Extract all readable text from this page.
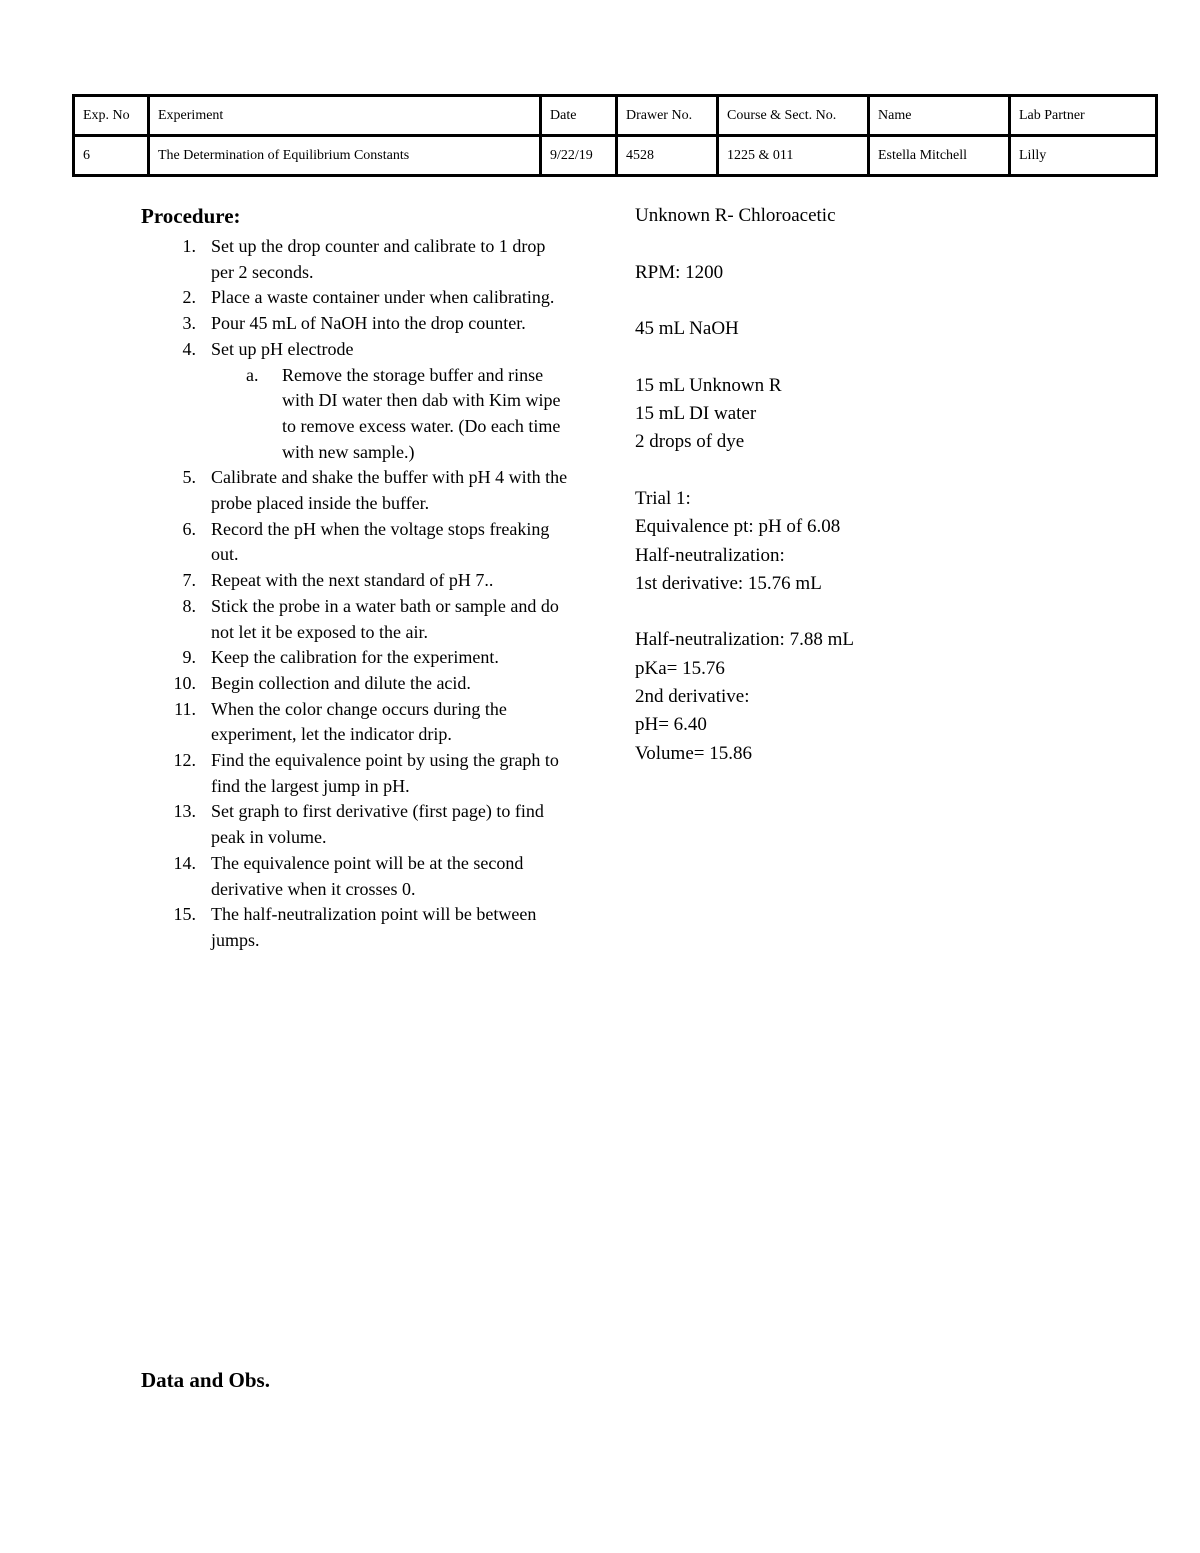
Exp. No	Experiment	Date	Drawer No.	Course & Sect. No.	Name	Lab Partner
6	The Determination of Equilibrium Constants	9/22/19	4528	1225 & 011	Estella Mitchell	Lilly
Procedure:
1. Set up the drop counter and calibrate to 1 drop per 2 seconds.
2. Place a waste container under when calibrating.
3. Pour 45 mL of NaOH into the drop counter.
4. Set up pH electrode
a.	Remove the storage buffer and rinse with DI water then dab with Kim wipe to remove excess water. (Do each time with new sample.)
5. Calibrate and shake the buffer with pH 4 with the probe placed inside the buffer.
6. Record the pH when the voltage stops freaking out.
7. Repeat with the next standard of pH 7..
8. Stick the probe in a water bath or sample and do not let it be exposed to the air.
9. Keep the calibration for the experiment.
10. Begin collection and dilute the acid.
11. When the color change occurs during the experiment, let the indicator drip.
12. Find the equivalence point by using the graph to find the largest jump in pH.
13. Set graph to first derivative (first page) to find peak in volume.
14. The equivalence point will be at the second derivative when it crosses 0.
15. The half-neutralization point will be between jumps.
Unknown R- Chloroacetic
RPM: 1200
45 mL NaOH
15 mL Unknown R
15 mL DI water
2 drops of dye
Trial 1:
Equivalence pt: pH of 6.08
Half-neutralization:
1st derivative: 15.76 mL
Half-neutralization: 7.88 mL
pKa= 15.76
2nd derivative:
pH= 6.40
Volume= 15.86
Data and Obs.
